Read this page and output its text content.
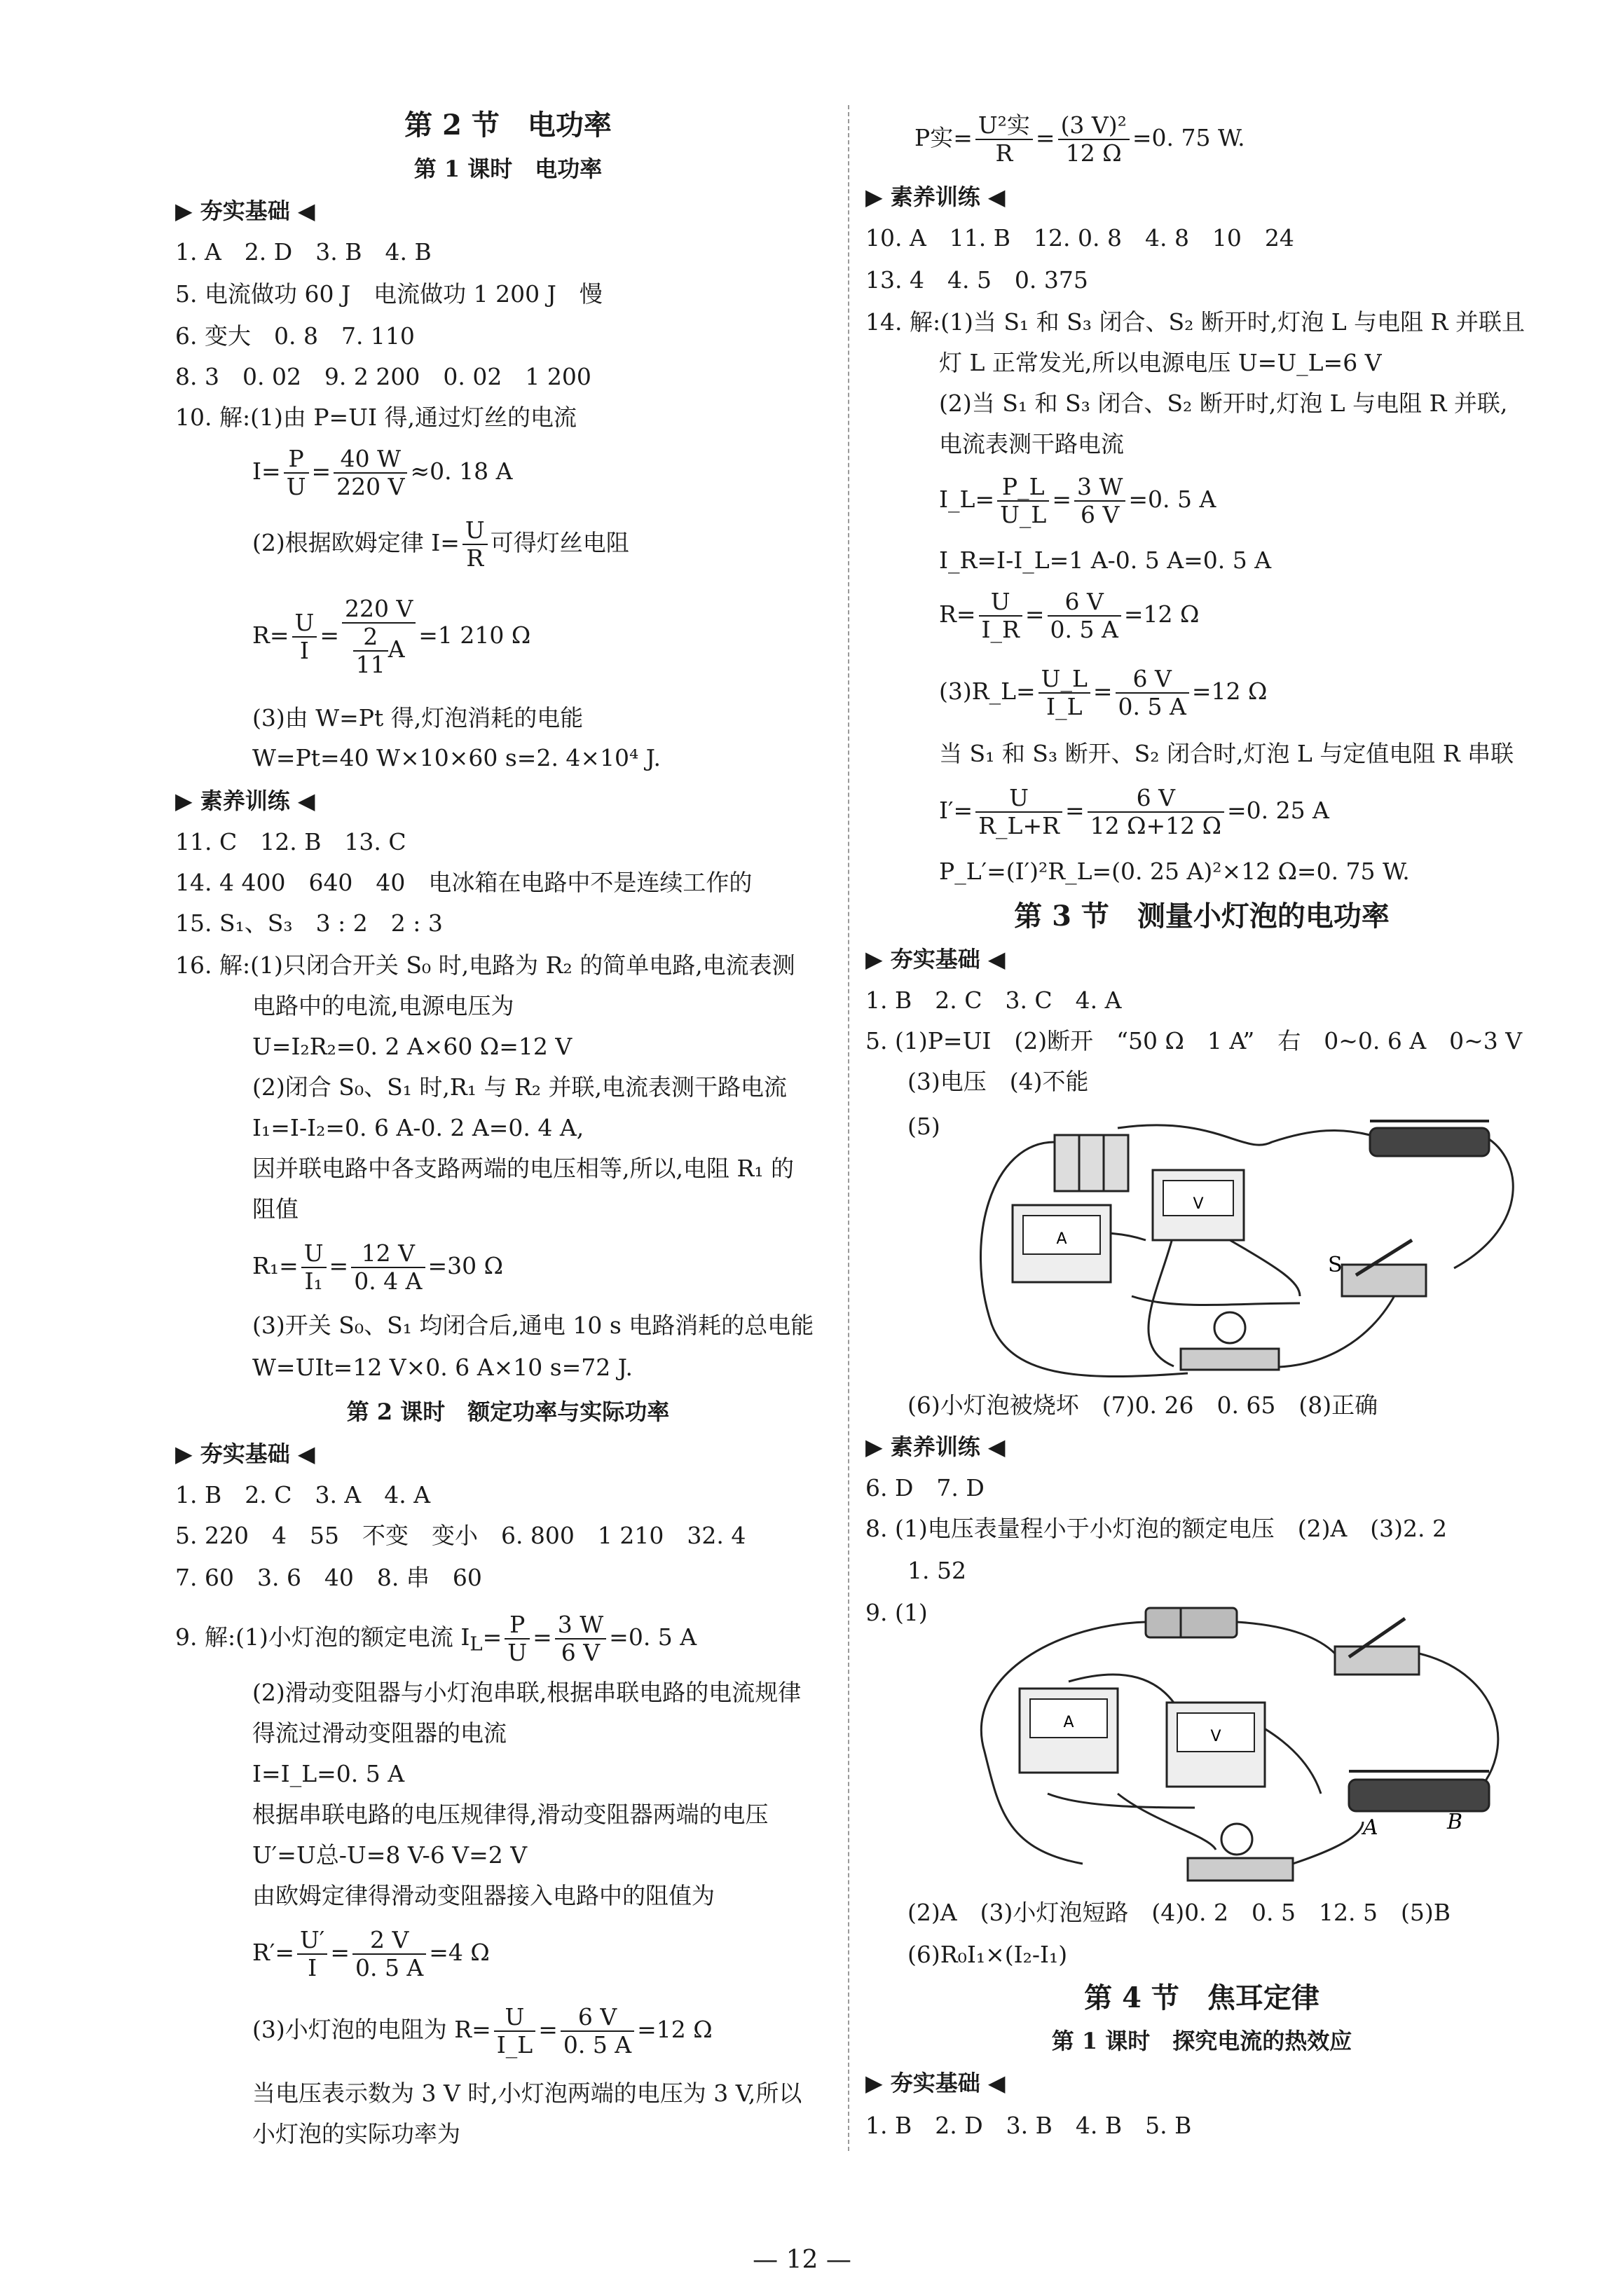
第 2 节　电功率
第 1 课时　电功率
▶ 夯实基础 ◀
1. A　2. D　3. B　4. B
5. 电流做功 60 J　电流做功 1 200 J　慢
6. 变大　0. 8　7. 110
8. 3　0. 02　9. 2 200　0. 02　1 200
10. 解:(1)由 P=UI 得,通过灯丝的电流
$I= \frac{P}{U} = \frac{40 W}{220 V} \approx 0$. 18 A
(2)根据欧姆定律 $I= \frac{U}{R}$ 可得灯丝电阻
$R= \frac{U}{I} = \frac{220 V}{\frac{2}{11} A} =1$ 210 Ω
(3)由 W=Pt 得,灯泡消耗的电能
W=Pt=40 W×10×60 s=2. 4×10⁴ J.
▶ 素养训练 ◀
11. C　12. B　13. C
14. 4 400　640　40　电冰箱在电路中不是连续工作的
15. S₁、S₃　3 : 2　2 : 3
16. 解:(1)只闭合开关 S₀ 时,电路为 R₂ 的简单电路,电流表测
电路中的电流,电源电压为
U=I₂R₂=0. 2 A×60 Ω=12 V
(2)闭合 S₀、S₁ 时,R₁ 与 R₂ 并联,电流表测干路电流
I₁=I-I₂=0. 6 A-0. 2 A=0. 4 A,
因并联电路中各支路两端的电压相等,所以,电阻 R₁ 的
阻值
$R_1= \frac{U}{\text{I₁}} = \frac{12 V}{0. 4 A} =30$ Ω
(3)开关 S₀、S₁ 均闭合后,通电 10 s 电路消耗的总电能
W=UIt=12 V×0. 6 A×10 s=72 J.
第 2 课时　额定功率与实际功率
▶ 夯实基础 ◀
1. B　2. C　3. A　4. A
5. 220　4　55　不变　变小　6. 800　1 210　32. 4
7. 60　3. 6　40　8. 串　60
9. 解:(1)小灯泡的额定电流 $I_L= \frac{P}{U} = \frac{3 W}{6 V} =0$. 5 A
(2)滑动变阻器与小灯泡串联,根据串联电路的电流规律
得流过滑动变阻器的电流
I=I_L=0. 5 A
根据串联电路的电压规律得,滑动变阻器两端的电压
U′=U总-U=8 V-6 V=2 V
由欧姆定律得滑动变阻器接入电路中的阻值为
$R'= \frac{U'}{I} = \frac{2 V}{0. 5 A} =4$ Ω
(3)小灯泡的电阻为 $R= \frac{U}{I\_L} = \frac{6 V}{0. 5 A} =12$ Ω
当电压表示数为 3 V 时,小灯泡两端的电压为 3 V,所以
小灯泡的实际功率为
P实= $\frac{\text{U²实}}{R} = \frac{\text{(3 V)²}}{12 \Omega} =0$. 75 W.
▶ 素养训练 ◀
10. A　11. B　12. 0. 8　4. 8　10　24
13. 4　4. 5　0. 375
14. 解:(1)当 S₁ 和 S₃ 闭合、S₂ 断开时,灯泡 L 与电阻 R 并联且
灯 L 正常发光,所以电源电压 U=U_L=6 V
(2)当 S₁ 和 S₃ 闭合、S₂ 断开时,灯泡 L 与电阻 R 并联,
电流表测干路电流
I_L= $\frac{P\_L}{U\_L} = \frac{3 W}{6 V} =0$. 5 A
I_R=I-I_L=1 A-0. 5 A=0. 5 A
$R= \frac{U}{I\_R} = \frac{6 V}{0. 5 A} =12$ Ω
(3)R_L= $\frac{U\_L}{I\_L} = \frac{6 V}{0. 5 A} =12$ Ω
当 S₁ 和 S₃ 断开、S₂ 闭合时,灯泡 L 与定值电阻 R 串联
$I'= \frac{U}{R\_L+R} = \frac{6 V}{12 \Omega+12 \Omega} =0$. 25 A
P_L′=(I′)²R_L=(0. 25 A)²×12 Ω=0. 75 W.
第 3 节　测量小灯泡的电功率
▶ 夯实基础 ◀
1. B　2. C　3. C　4. A
5. (1)P=UI　(2)断开　“50 Ω　1 A”　右　0~0. 6 A　0~3 V
(3)电压　(4)不能
(5)
V
A
S
(6)小灯泡被烧坏　(7)0. 26　0. 65　(8)正确
▶ 素养训练 ◀
6. D　7. D
8. (1)电压表量程小于小灯泡的额定电压　(2)A　(3)2. 2
1. 52
9. (1)
A
V
A	B
(2)A　(3)小灯泡短路　(4)0. 2　0. 5　12. 5　(5)B
(6)R₀I₁×(I₂-I₁)
第 4 节　焦耳定律
第 1 课时　探究电流的热效应
▶ 夯实基础 ◀
1. B　2. D　3. B　4. B　5. B
— 12 —
